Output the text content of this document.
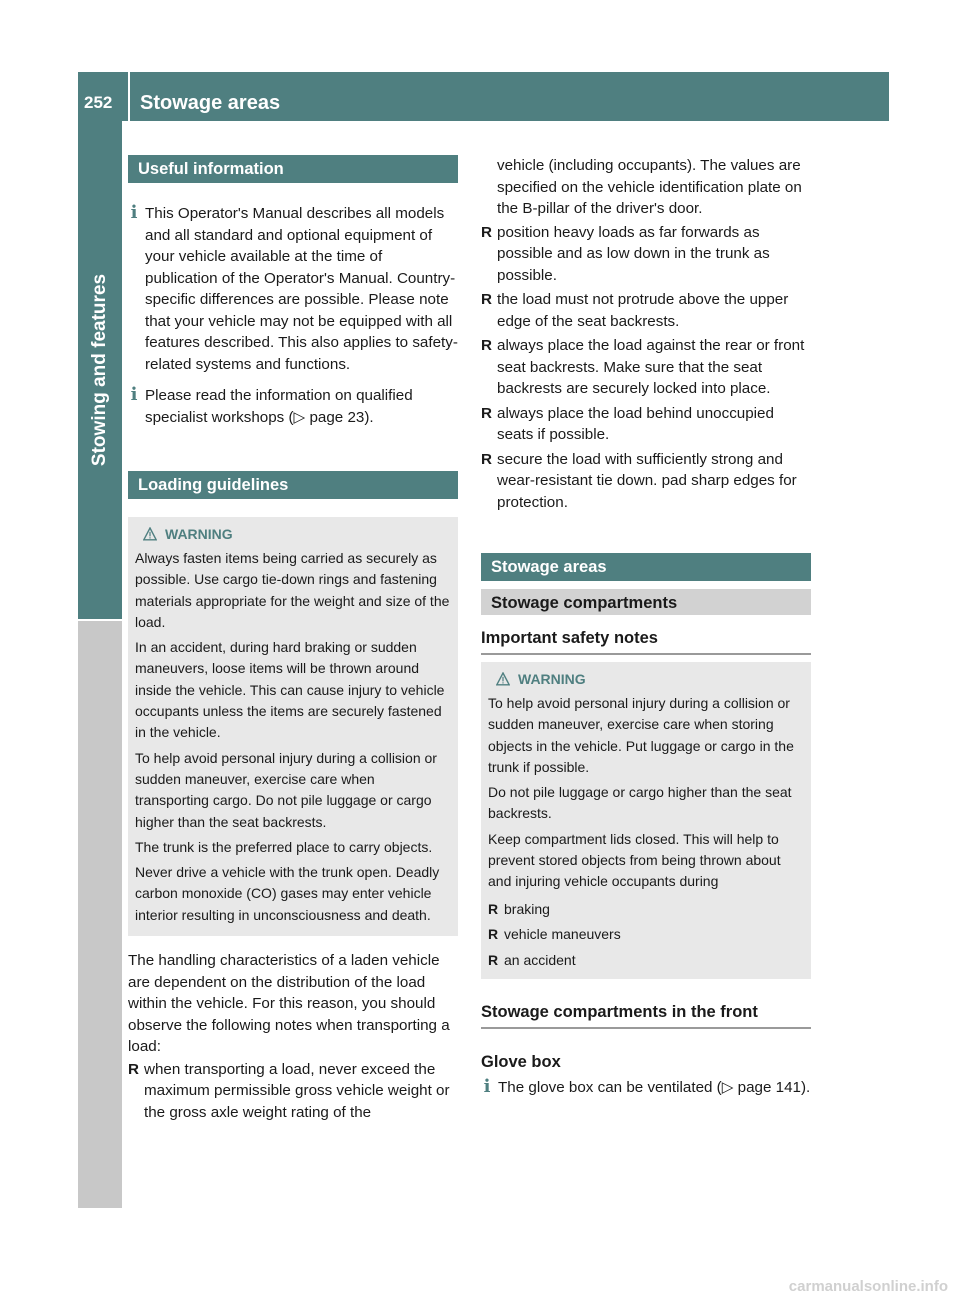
252	Stowage areas
Stowing and features
Useful information
i This Operator's Manual describes all models and all standard and optional equipment of your vehicle available at the time of publication of the Operator's Manual. Country-specific differences are possible. Please note that your vehicle may not be equipped with all features described. This also applies to safety-related systems and functions.

i Please read the information on qualified specialist workshops (▷ page 23).

Loading guidelines
WARNING

Always fasten items being carried as securely as possible. Use cargo tie-down rings and fastening materials appropriate for the weight and size of the load.

In an accident, during hard braking or sudden maneuvers, loose items will be thrown around inside the vehicle. This can cause injury to vehicle occupants unless the items are securely fastened in the vehicle.

To help avoid personal injury during a collision or sudden maneuver, exercise care when transporting cargo. Do not pile luggage or cargo higher than the seat backrests.

The trunk is the preferred place to carry objects.

Never drive a vehicle with the trunk open. Deadly carbon monoxide (CO) gases may enter vehicle interior resulting in unconsciousness and death.

The handling characteristics of a laden vehicle are dependent on the distribution of the load within the vehicle. For this reason, you should observe the following notes when transporting a load:

R when transporting a load, never exceed the maximum permissible gross vehicle weight or the gross axle weight rating of the

vehicle (including occupants). The values are specified on the vehicle identification plate on the B-pillar of the driver's door.

R position heavy loads as far forwards as possible and as low down in the trunk as possible.
R the load must not protrude above the upper edge of the seat backrests.
R always place the load against the rear or front seat backrests. Make sure that the seat backrests are securely locked into place.
R always place the load behind unoccupied seats if possible.
R secure the load with sufficiently strong and wear-resistant tie down. pad sharp edges for protection.
Stowage areas
Stowage compartments
Important safety notes
WARNING

To help avoid personal injury during a collision or sudden maneuver, exercise care when storing objects in the vehicle. Put luggage or cargo in the trunk if possible.

Do not pile luggage or cargo higher than the seat backrests.

Keep compartment lids closed. This will help to prevent stored objects from being thrown about and injuring vehicle occupants during

R braking
R vehicle maneuvers
R an accident
Stowage compartments in the front
Glove box
i The glove box can be ventilated (▷ page 141).

carmanualsonline.info
